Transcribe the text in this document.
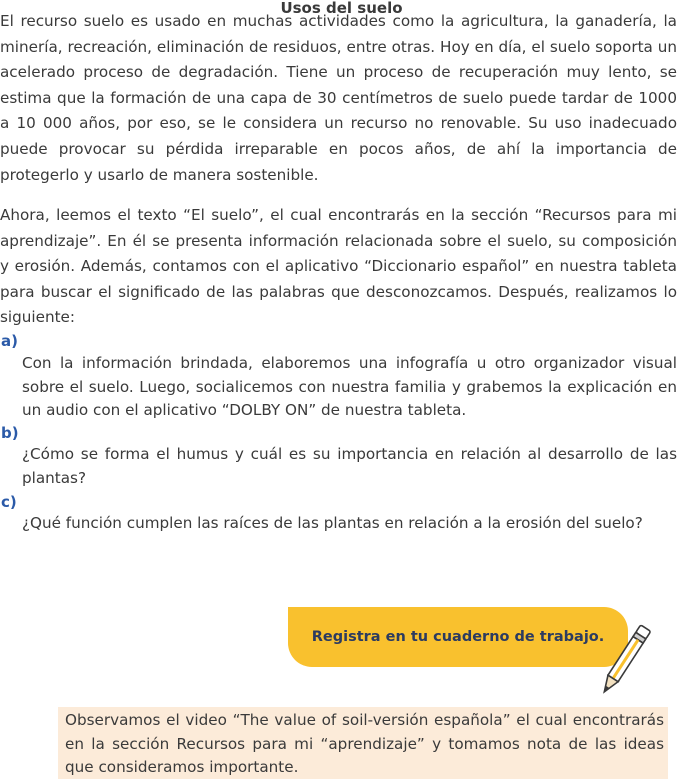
Usos del suelo

El recurso suelo es usado en muchas actividades como la agricultura, la ganadería, la minería, recreación, eliminación de residuos, entre otras. Hoy en día, el suelo soporta un acelerado proceso de degradación. Tiene un proceso de recuperación muy lento, se estima que la formación de una capa de 30 centímetros de suelo puede tardar de 1000 a 10 000 años, por eso, se le considera un recurso no renovable. Su uso inadecuado puede provocar su pérdida irreparable en pocos años, de ahí la importancia de protegerlo y usarlo de manera sostenible.

Ahora, leemos el texto “El suelo”, el cual encontrarás en la sección “Recursos para mi aprendizaje”. En él se presenta información relacionada sobre el suelo, su composición y erosión. Además, contamos con el aplicativo “Diccionario español” en nuestra tableta para buscar el significado de las palabras que desconozcamos. Después, realizamos lo siguiente:

a)

Con la información brindada, elaboremos una infografía u otro organizador visual sobre el suelo. Luego, socialicemos con nuestra familia y grabemos la explicación en un audio con el aplicativo “DOLBY ON” de nuestra tableta.

b)

¿Cómo se forma el humus y cuál es su importancia en relación al desarrollo de las plantas?

c)

¿Qué función cumplen las raíces de las plantas en relación a la erosión del suelo?

Registra en tu cuaderno de trabajo.
Observamos el video “The value of soil-versión española” el cual encontrarás en la sección Recursos para mi “aprendizaje” y tomamos nota de las ideas que consideramos importante.
